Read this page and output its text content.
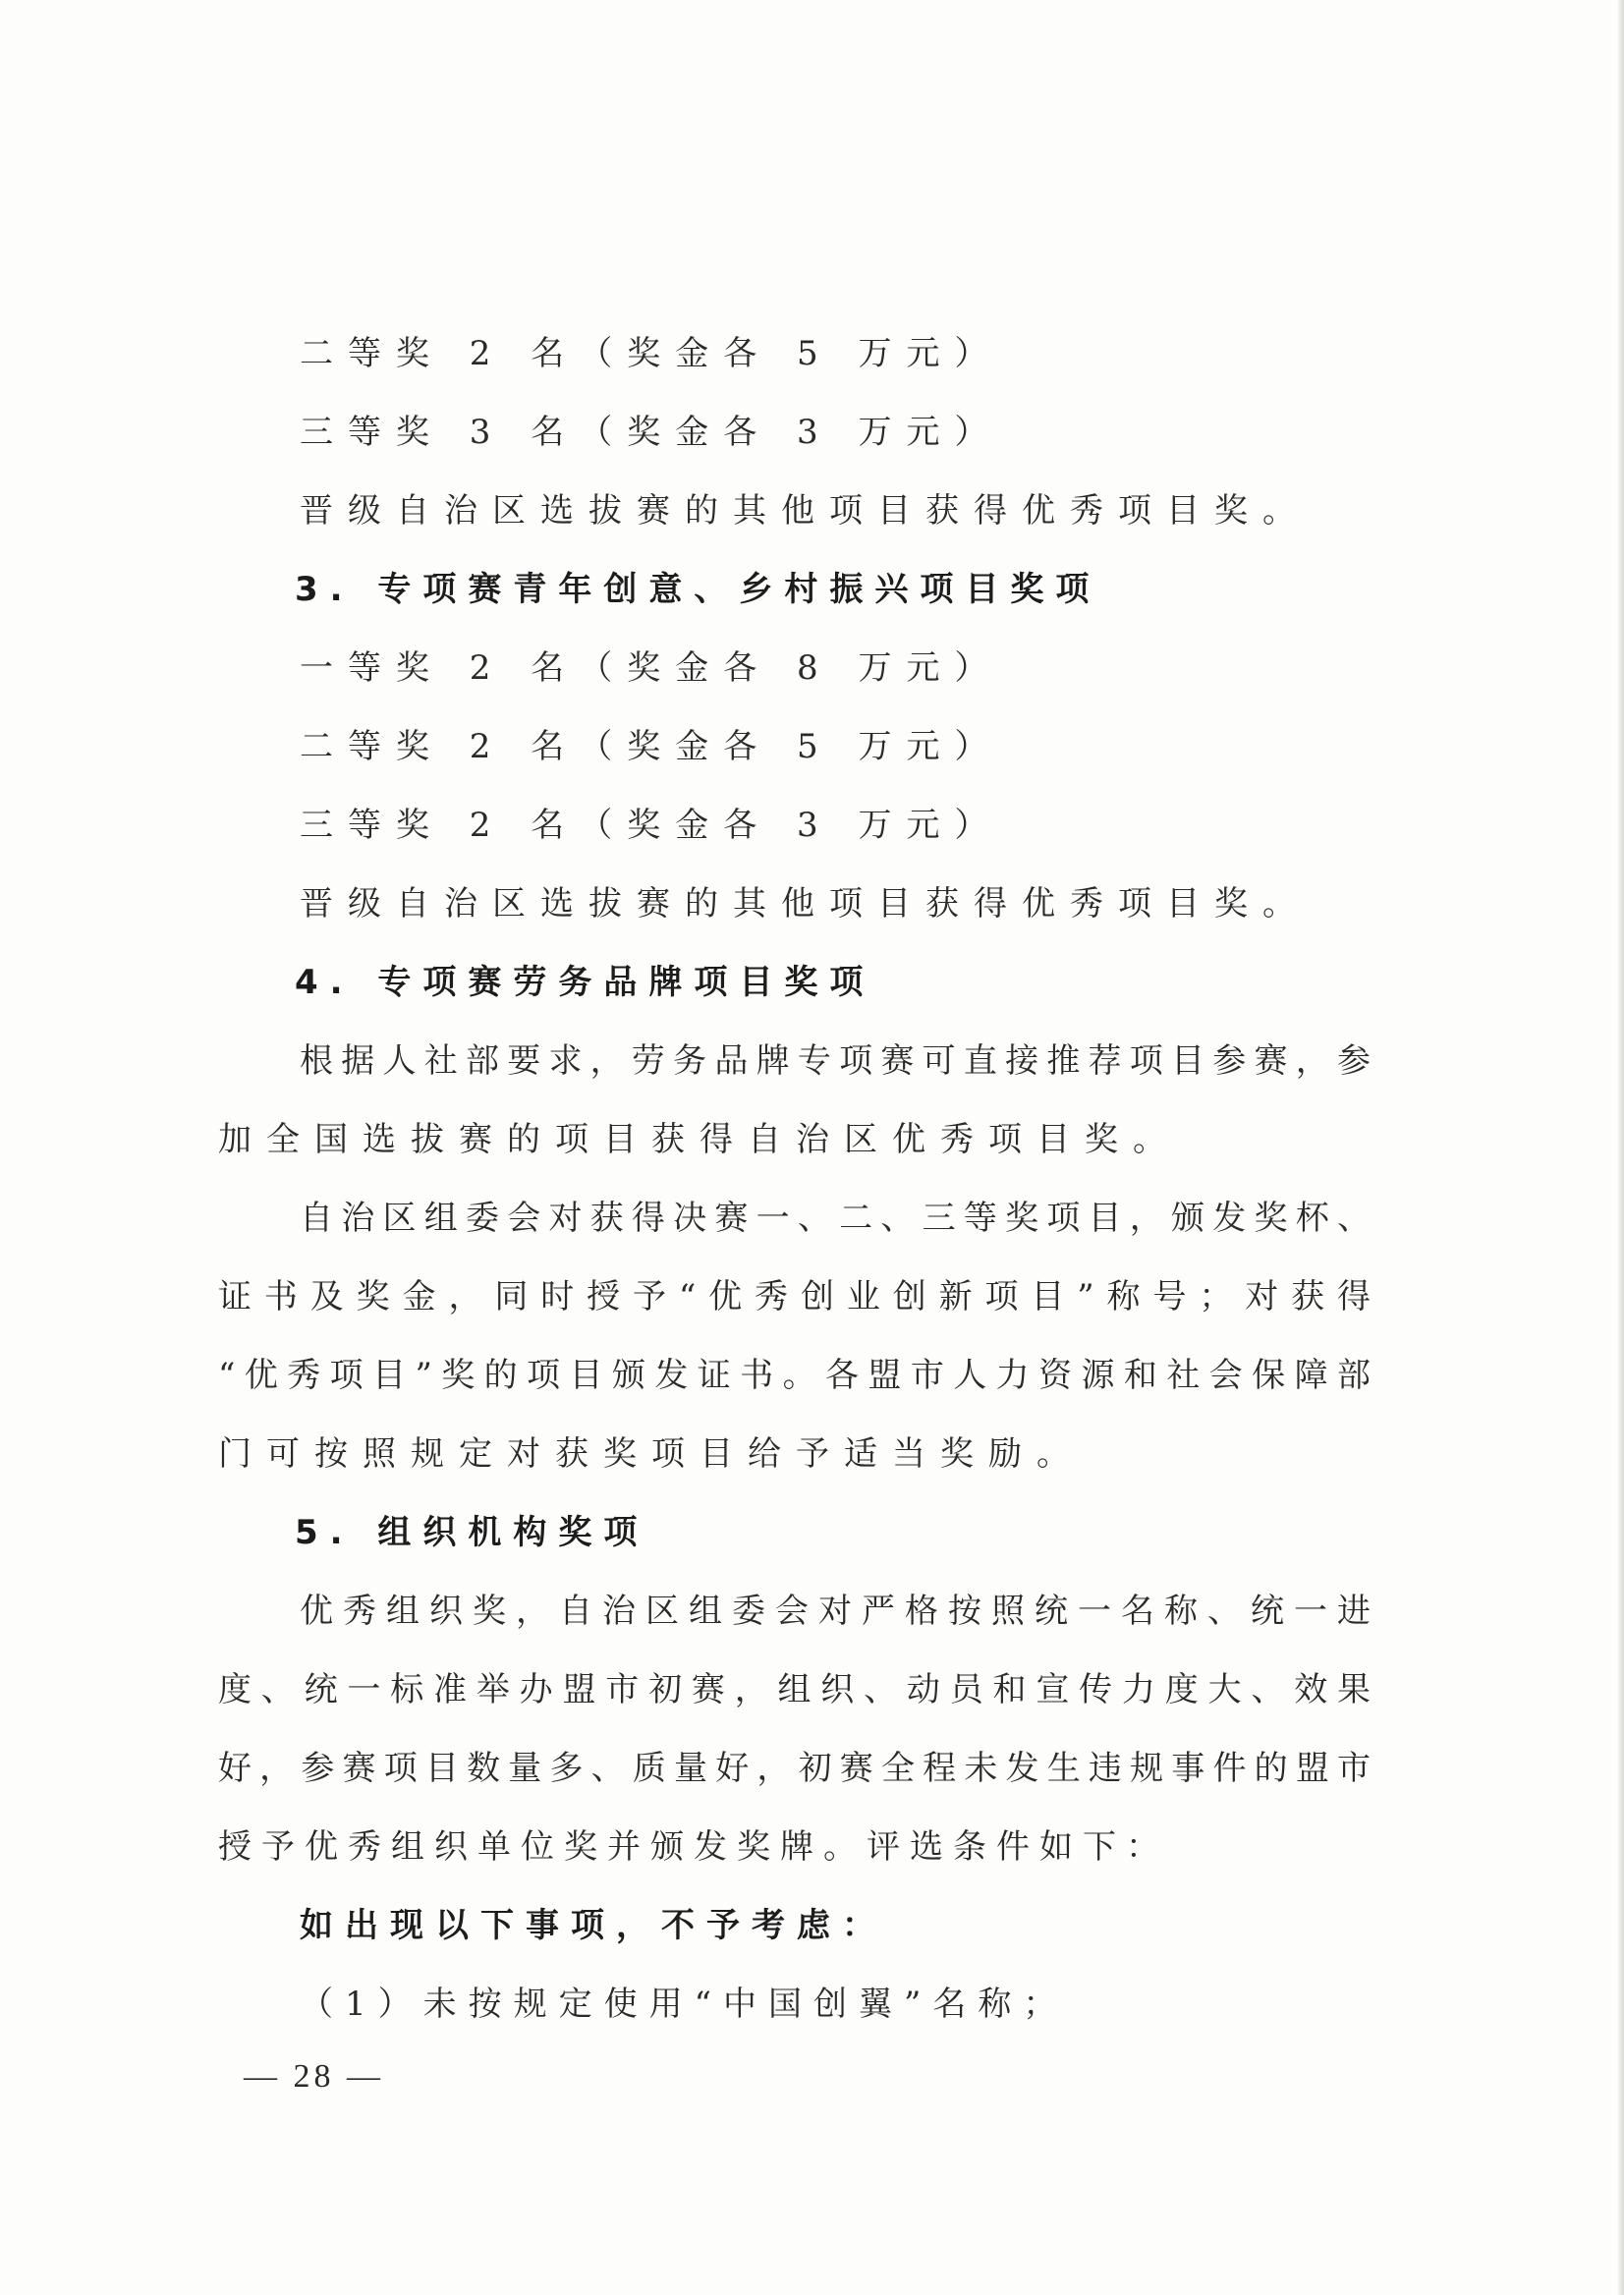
二等奖 2 名（奖金各 5 万元）
三等奖 3 名（奖金各 3 万元）
晋级自治区选拔赛的其他项目获得优秀项目奖。
3. 专项赛青年创意、乡村振兴项目奖项
一等奖 2 名（奖金各 8 万元）
二等奖 2 名（奖金各 5 万元）
三等奖 2 名（奖金各 3 万元）
晋级自治区选拔赛的其他项目获得优秀项目奖。
4. 专项赛劳务品牌项目奖项
根据人社部要求，劳务品牌专项赛可直接推荐项目参赛，参
加全国选拔赛的项目获得自治区优秀项目奖。
自治区组委会对获得决赛一、二、三等奖项目，颁发奖杯、
证书及奖金，同时授予“优秀创业创新项目”称号；对获得
“优秀项目”奖的项目颁发证书。各盟市人力资源和社会保障部
门可按照规定对获奖项目给予适当奖励。
5. 组织机构奖项
优秀组织奖，自治区组委会对严格按照统一名称、统一进
度、统一标准举办盟市初赛，组织、动员和宣传力度大、效果
好，参赛项目数量多、质量好，初赛全程未发生违规事件的盟市
授予优秀组织单位奖并颁发奖牌。评选条件如下：
如出现以下事项，不予考虑：
（1）未按规定使用“中国创翼”名称；
— 28 —
